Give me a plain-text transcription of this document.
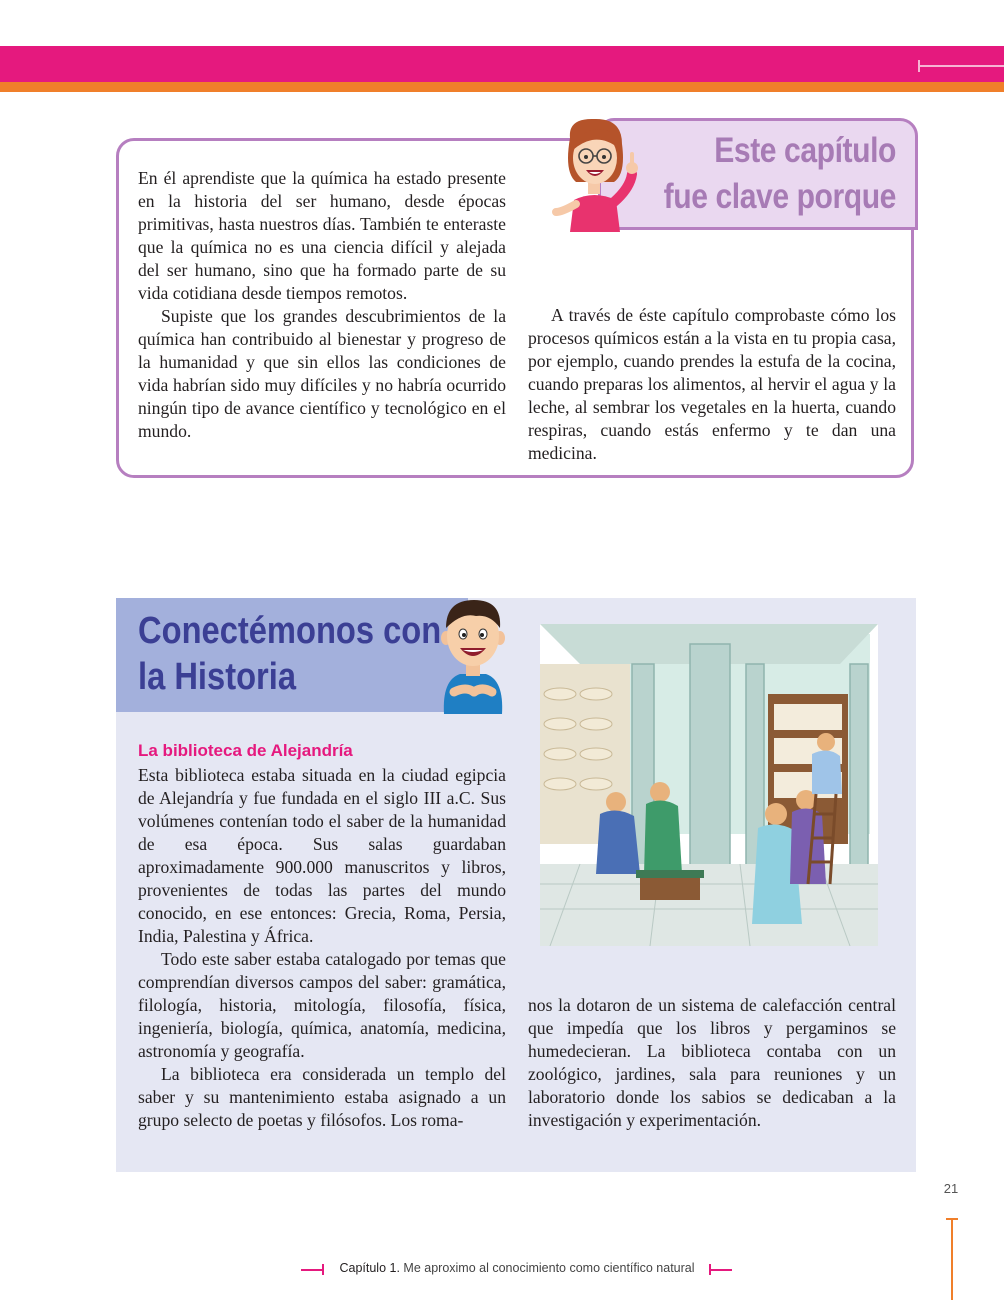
Este capítulo
fue clave porque

En él aprendiste que la química ha estado presente en la historia del ser humano, desde épocas primitivas, hasta nuestros días. También te enteraste que la química no es una ciencia difícil y alejada del ser humano, sino que ha formado parte de su vida cotidiana desde tiempos remotos.

Supiste que los grandes descubrimientos de la química han contribuido al bienestar y progreso de la humanidad y que sin ellos las condiciones de vida habrían sido muy difíciles y no habría ocurrido ningún tipo de avance científico y tecnológico en el mundo.

A través de éste capítulo comprobaste cómo los procesos químicos están a la vista en tu propia casa, por ejemplo, cuando prendes la estufa de la cocina, cuando preparas los alimentos, al hervir el agua y la leche, al sembrar los vegetales en la huerta, cuando respiras, cuando estás enfermo y te dan una medicina.

Conectémonos con
la Historia
La biblioteca de Alejandría

Esta biblioteca estaba situada en la ciudad egipcia de Alejandría y fue fundada en el siglo III a.C. Sus volúmenes contenían todo el saber de la humanidad de esa época. Sus salas guardaban aproximadamente 900.000 manuscritos y libros, provenientes de todas las partes del mundo conocido, en ese entonces: Grecia, Roma, Persia, India, Palestina y África.

Todo este saber estaba catalogado por temas que comprendían diversos campos del saber: gramática, filología, historia, mitología, filosofía, física, ingeniería, biología, química, anatomía, medicina, astronomía y geografía.

La biblioteca era considerada un templo del saber y su mantenimiento estaba asignado a un grupo selecto de poetas y filósofos. Los roma-

nos la dotaron de un sistema de calefacción central que impedía que los libros y pergaminos se humedecieran. La biblioteca contaba con un zoológico, jardines, sala para reuniones y un laboratorio donde los sabios se dedicaban a la investigación y experimentación.

21
Capítulo 1. Me aproximo al conocimiento como científico natural
